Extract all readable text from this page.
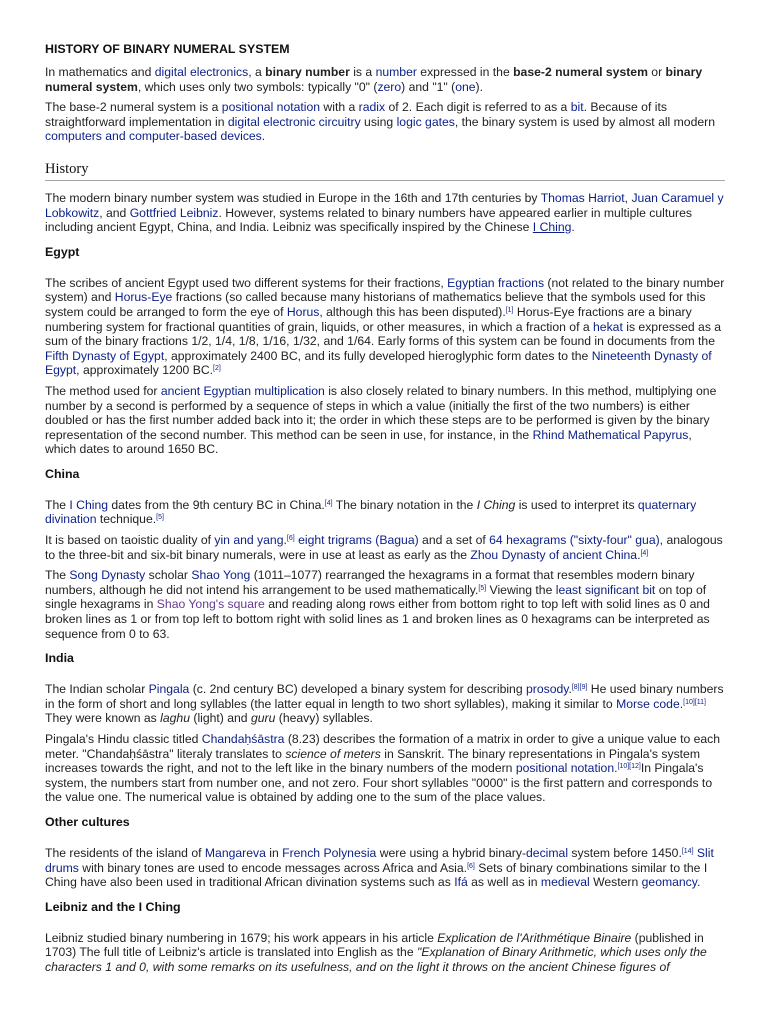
HISTORY OF BINARY NUMERAL SYSTEM

In mathematics and digital electronics, a binary number is a number expressed in the base-2 numeral system or binary numeral system, which uses only two symbols: typically "0" (zero) and "1" (one).

The base-2 numeral system is a positional notation with a radix of 2. Each digit is referred to as a bit. Because of its straightforward implementation in digital electronic circuitry using logic gates, the binary system is used by almost all modern computers and computer-based devices.

History

The modern binary number system was studied in Europe in the 16th and 17th centuries by Thomas Harriot, Juan Caramuel y Lobkowitz, and Gottfried Leibniz. However, systems related to binary numbers have appeared earlier in multiple cultures including ancient Egypt, China, and India. Leibniz was specifically inspired by the Chinese I Ching.

Egypt

The scribes of ancient Egypt used two different systems for their fractions, Egyptian fractions (not related to the binary number system) and Horus-Eye fractions (so called because many historians of mathematics believe that the symbols used for this system could be arranged to form the eye of Horus, although this has been disputed).[1] Horus-Eye fractions are a binary numbering system for fractional quantities of grain, liquids, or other measures, in which a fraction of a hekat is expressed as a sum of the binary fractions 1/2, 1/4, 1/8, 1/16, 1/32, and 1/64. Early forms of this system can be found in documents from the Fifth Dynasty of Egypt, approximately 2400 BC, and its fully developed hieroglyphic form dates to the Nineteenth Dynasty of Egypt, approximately 1200 BC.[2]

The method used for ancient Egyptian multiplication is also closely related to binary numbers. In this method, multiplying one number by a second is performed by a sequence of steps in which a value (initially the first of the two numbers) is either doubled or has the first number added back into it; the order in which these steps are to be performed is given by the binary representation of the second number. This method can be seen in use, for instance, in the Rhind Mathematical Papyrus, which dates to around 1650 BC.

China

The I Ching dates from the 9th century BC in China.[4] The binary notation in the I Ching is used to interpret its quaternary divination technique.[5]

It is based on taoistic duality of yin and yang.[6] eight trigrams (Bagua) and a set of 64 hexagrams ("sixty-four" gua), analogous to the three-bit and six-bit binary numerals, were in use at least as early as the Zhou Dynasty of ancient China.[4]

The Song Dynasty scholar Shao Yong (1011–1077) rearranged the hexagrams in a format that resembles modern binary numbers, although he did not intend his arrangement to be used mathematically.[5] Viewing the least significant bit on top of single hexagrams in Shao Yong's square and reading along rows either from bottom right to top left with solid lines as 0 and broken lines as 1 or from top left to bottom right with solid lines as 1 and broken lines as 0 hexagrams can be interpreted as sequence from 0 to 63.

India

The Indian scholar Pingala (c. 2nd century BC) developed a binary system for describing prosody.[8][9] He used binary numbers in the form of short and long syllables (the latter equal in length to two short syllables), making it similar to Morse code.[10][11] They were known as laghu (light) and guru (heavy) syllables.

Pingala's Hindu classic titled Chandaḥśāstra (8.23) describes the formation of a matrix in order to give a unique value to each meter. "Chandaḥśāstra" literaly translates to science of meters in Sanskrit. The binary representations in Pingala's system increases towards the right, and not to the left like in the binary numbers of the modern positional notation.[10][12]In Pingala's system, the numbers start from number one, and not zero. Four short syllables "0000" is the first pattern and corresponds to the value one. The numerical value is obtained by adding one to the sum of the place values.

Other cultures

The residents of the island of Mangareva in French Polynesia were using a hybrid binary-decimal system before 1450.[14] Slit drums with binary tones are used to encode messages across Africa and Asia.[6] Sets of binary combinations similar to the I Ching have also been used in traditional African divination systems such as Ifá as well as in medieval Western geomancy.

Leibniz and the I Ching

Leibniz studied binary numbering in 1679; his work appears in his article Explication de l'Arithmétique Binaire (published in 1703) The full title of Leibniz's article is translated into English as the "Explanation of Binary Arithmetic, which uses only the characters 1 and 0, with some remarks on its usefulness, and on the light it throws on the ancient Chinese figures of
